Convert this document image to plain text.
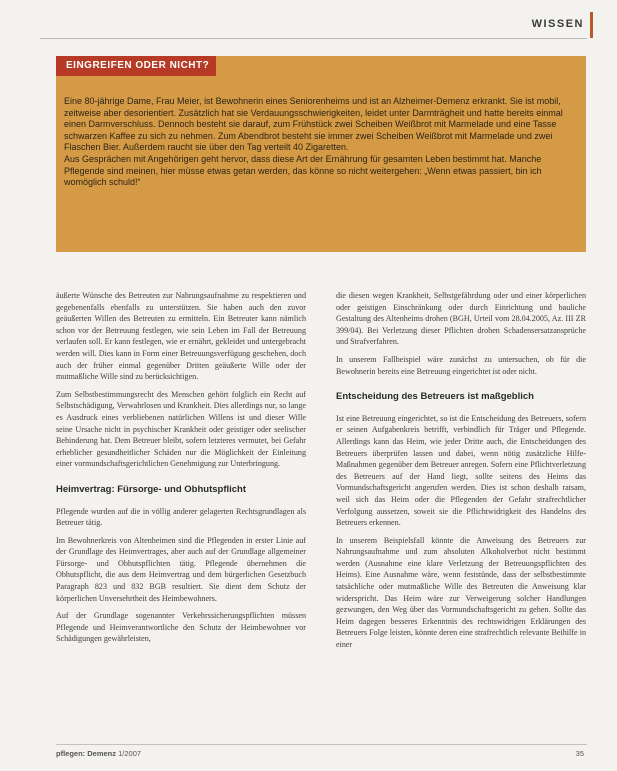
WISSEN
EINGREIFEN ODER NICHT?
Eine 80-jährige Dame, Frau Meier, ist Bewohnerin eines Seniorenheims und ist an Alzheimer-Demenz erkrankt. Sie ist mobil, zeitweise aber desorientiert. Zusätzlich hat sie Verdauungsschwierigkeiten, leidet unter Darmträgheit und hatte bereits einmal einen Darmverschluss. Dennoch besteht sie darauf, zum Frühstück zwei Scheiben Weißbrot mit Marmelade und eine Tasse schwarzen Kaffee zu sich zu nehmen. Zum Abendbrot besteht sie immer zwei Scheiben Weißbrot mit Marmelade und zwei Flaschen Bier. Außerdem raucht sie über den Tag verteilt 40 Zigaretten.
Aus Gesprächen mit Angehörigen geht hervor, dass diese Art der Ernährung für gesamten Leben bestimmt hat. Manche Pflegende sind meinen, hier müsse etwas getan werden, das könne so nicht weitergehen: „Wenn etwas passiert, bin ich womöglich schuld!“

äußerte Wünsche des Betreuten zur Nahrungsaufnahme zu respektieren und gegebenenfalls ebenfalls zu unterstützen. Sie haben auch den zuvor geäußerten Willen des Betreuten zu ermitteln. Ein Betreuter kann nämlich schon vor der Betreuung festlegen, wie sein Leben im Fall der Betreuung verlaufen soll. Er kann festlegen, wie er ernährt, gekleidet und untergebracht werden will. Dies kann in Form einer Betreuungsverfügung geschehen, doch auch der früher einmal gegenüber Dritten geäußerte Wille oder der mutmaßliche Wille sind zu berücksichtigen.

Zum Selbstbestimmungsrecht des Menschen gehört folglich ein Recht auf Selbstschädigung, Verwahrlosen und Krankheit. Dies allerdings nur, so lange es Ausdruck eines verbliebenen natürlichen Willens ist und dieser Wille seine Ursache nicht in psychischer Krankheit oder geistiger oder seelischer Behinderung hat. Dem Betreuer bleibt, sofern letzteres vermutet, bei Gefahr erheblicher gesundheitlicher Schäden nur die Möglichkeit der Einleitung einer vormundschaftsgerichtlichen Genehmigung zur Unterbringung.

Heimvertrag: Fürsorge- und Obhutspflicht

Pflegende wurden auf die in völlig anderer gelagerten Rechtsgrundlagen als Betreuer tätig.

Im Bewohnerkreis von Altenheimen sind die Pflegenden in erster Linie auf der Grundlage des Heimvertrages, aber auch auf der Grundlage allgemeiner Fürsorge- und Obhutspflichten tätig. Pflegende übernehmen die Obhutspflicht, die aus dem Heimvertrag und dem bürgerlichen Gesetzbuch Paragraph 823 und 832 BGB resultiert. Sie dient dem Schutz der körperlichen Unversehrtheit des Heimbewohners.

Auf der Grundlage sogenannter Verkehrssicherungspflichten müssen Pflegende und Heimverantwortliche den Schutz der Heimbewohner vor Schädigungen gewährleisten,

die diesen wegen Krankheit, Selbstgefährdung oder und einer körperlichen oder geistigen Einschränkung oder durch Einrichtung und bauliche Gestaltung des Altenheims drohen (BGH, Urteil vom 28.04.2005, Az. III ZR 399/04). Bei Verletzung dieser Pflichten drohen Schadensersatzansprüche und Strafverfahren.

In unserem Fallbeispiel wäre zunächst zu untersuchen, ob für die Bewohnerin bereits eine Betreuung eingerichtet ist oder nicht.

Entscheidung des Betreuers ist maßgeblich

Ist eine Betreuung eingerichtet, so ist die Entscheidung des Betreuers, sofern er seinen Aufgabenkreis betrifft, verbindlich für Träger und Pflegende. Allerdings kann das Heim, wie jeder Dritte auch, die Entscheidungen des Betreuers überprüfen lassen und dabei, wenn nötig zusätzliche Hilfe-Maßnahmen gegenüber dem Betreuer anregen. Sofern eine Pflichtverletzung des Betreuers auf der Hand liegt, sollte seitens des Heims das Vormundschaftsgericht angerufen werden. Dies ist schon deshalb ratsam, weil sich das Heim oder die Pflegenden der Gefahr strafrechtlicher Verfolgung aussetzen, soweit sie die Pflichtwidrigkeit des Handelns des Betreuers erkennen.

In unserem Beispielsfall könnte die Anweisung des Betreuers zur Nahrungsaufnahme und zum absoluten Alkoholverbot nicht bestimmt werden (Ausnahme eine klare Verletzung der Betreuungspflichten des Heims). Eine Ausnahme wäre, wenn feststünde, dass der selbstbestimmte tatsächliche oder mutmaßliche Wille des Betreuten die Anweisung klar widerspricht. Das Heim wäre zur Verweigerung solcher Handlungen gezwungen, den Weg über das Vormundschaftsgericht zu gehen. Sollte das Heim dagegen besseres Erkenntnis des rechtswidrigen Erklärungen des Betreuers Folge leisten, könnte deren eine strafrechtlich relevante Beihilfe in einer

pflegen: Demenz 1/2007	35
